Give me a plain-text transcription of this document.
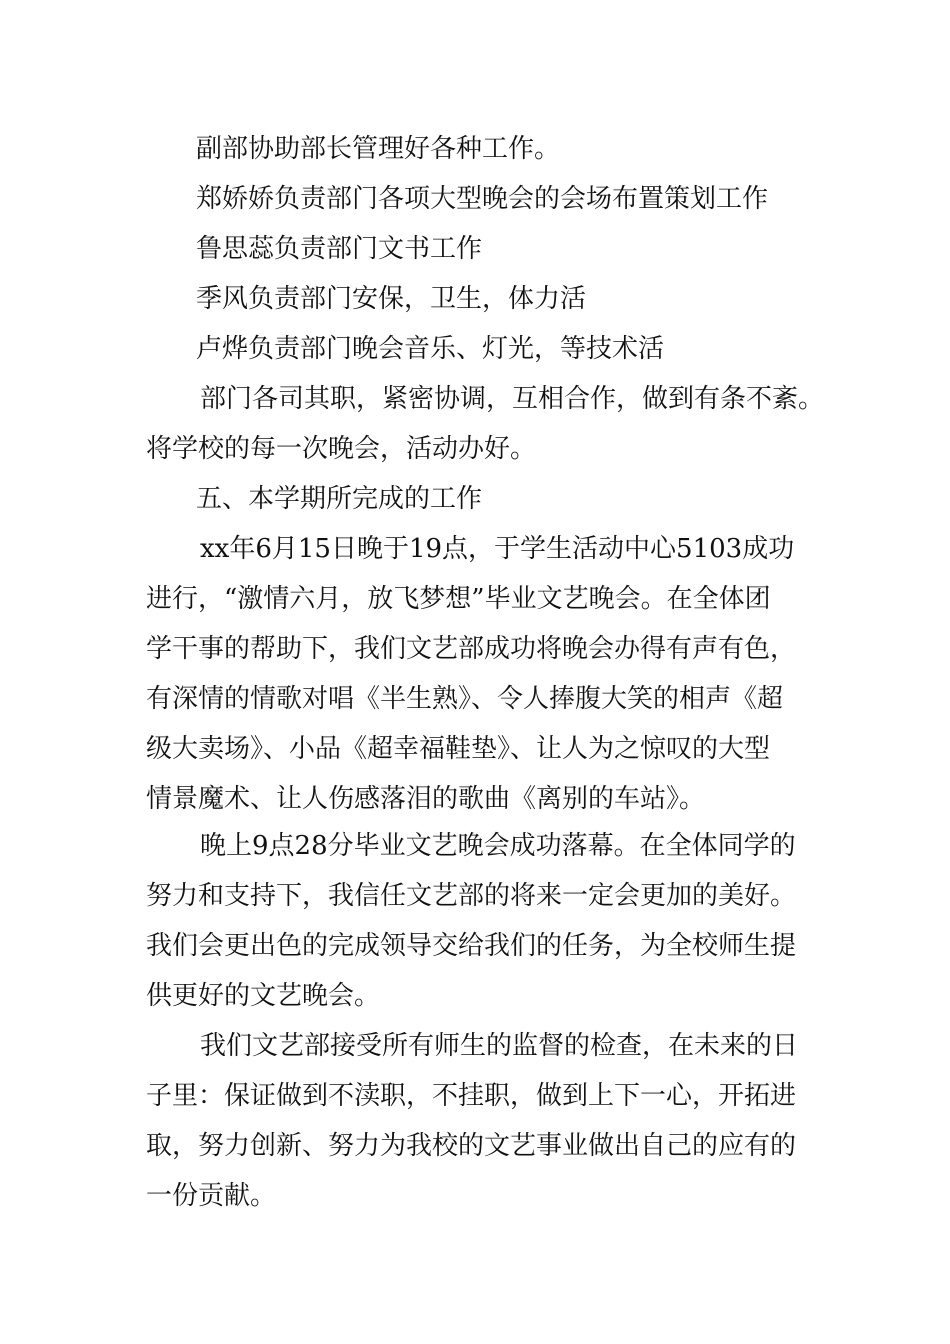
副部协助部长管理好各种工作。
郑娇娇负责部门各项大型晚会的会场布置策划工作
鲁思蕊负责部门文书工作
季风负责部门安保，卫生，体力活
卢烨负责部门晚会音乐、灯光，等技术活
部门各司其职，紧密协调，互相合作，做到有条不紊。
将学校的每一次晚会，活动办好。
五、本学期所完成的工作
xx年6月15日晚于19点，于学生活动中心5103成功
进行，“激情六月，放飞梦想”毕业文艺晚会。在全体团
学干事的帮助下，我们文艺部成功将晚会办得有声有色，
有深情的情歌对唱《半生熟》、令人捧腹大笑的相声《超
级大卖场》、小品《超幸福鞋垫》、让人为之惊叹的大型
情景魔术、让人伤感落泪的歌曲《离别的车站》。
晚上9点28分毕业文艺晚会成功落幕。在全体同学的
努力和支持下，我信任文艺部的将来一定会更加的美好。
我们会更出色的完成领导交给我们的任务，为全校师生提
供更好的文艺晚会。
我们文艺部接受所有师生的监督的检查，在未来的日
子里：保证做到不渎职，不挂职，做到上下一心，开拓进
取，努力创新、努力为我校的文艺事业做出自己的应有的
一份贡献。
